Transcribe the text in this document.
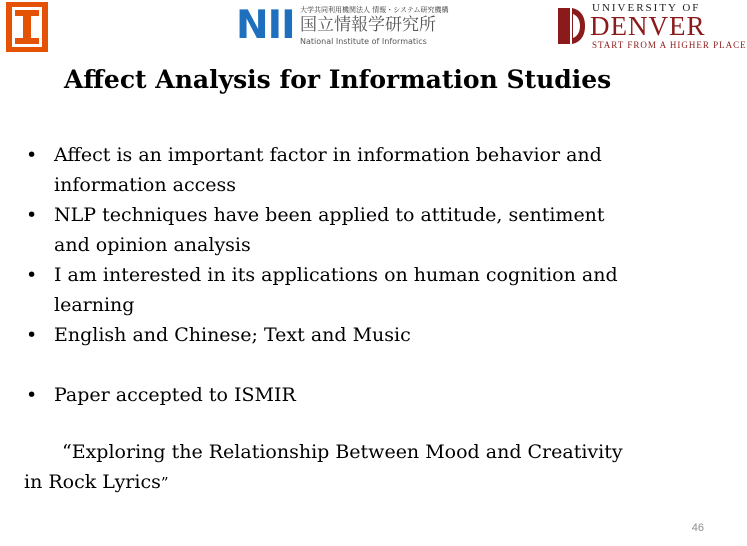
NII 大学共同利用機関法人 情報・システム研究機構
国立情報学研究所
National Institute of Informatics
UNIVERSITY OF
DENVER
START FROM A HIGHER PLACE
Affect Analysis for Information Studies
• Affect is an important factor in information behavior and
information access
• NLP techniques have been applied to attitude, sentiment
and opinion analysis
• I am interested in its applications on human cognition and
learning
• English and Chinese; Text and Music
• Paper accepted to ISMIR
“Exploring the Relationship Between Mood and Creativity
in Rock Lyrics”
46
